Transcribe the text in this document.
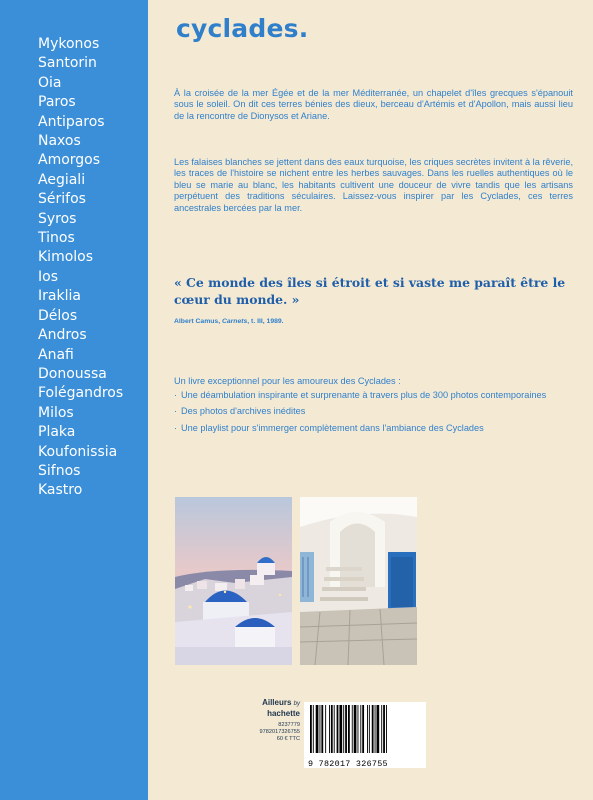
Mykonos
Santorin
Oia
Paros
Antiparos
Naxos
Amorgos
Aegiali
Sérifos
Syros
Tinos
Kimolos
Ios
Iraklia
Délos
Andros
Anafi
Donoussa
Folégandros
Milos
Plaka
Koufonissia
Sifnos
Kastro
cyclades.

À la croisée de la mer Égée et de la mer Méditerranée, un chapelet d'îles grecques s'épanouit sous le soleil. On dit ces terres bénies des dieux, berceau d'Artémis et d'Apollon, mais aussi lieu de la rencontre de Dionysos et Ariane.

Les falaises blanches se jettent dans des eaux turquoise, les criques secrètes invitent à la rêverie, les traces de l'histoire se nichent entre les herbes sauvages. Dans les ruelles authentiques où le bleu se marie au blanc, les habitants cultivent une douceur de vivre tandis que les artisans perpétuent des traditions séculaires. Laissez-vous inspirer par les Cyclades, ces terres ancestrales bercées par la mer.

« Ce monde des îles si étroit et si vaste me paraît être le cœur du monde. »

Albert Camus, Carnets, t. III, 1989.

Un livre exceptionnel pour les amoureux des Cyclades :

· Une déambulation inspirante et surprenante à travers plus de 300 photos contemporaines
· Des photos d'archives inédites
· Une playlist pour s'immerger complètement dans l'ambiance des Cyclades
Ailleurs by
hachette
8237779
9782017326755
60 € TTC
9 782017 326755
